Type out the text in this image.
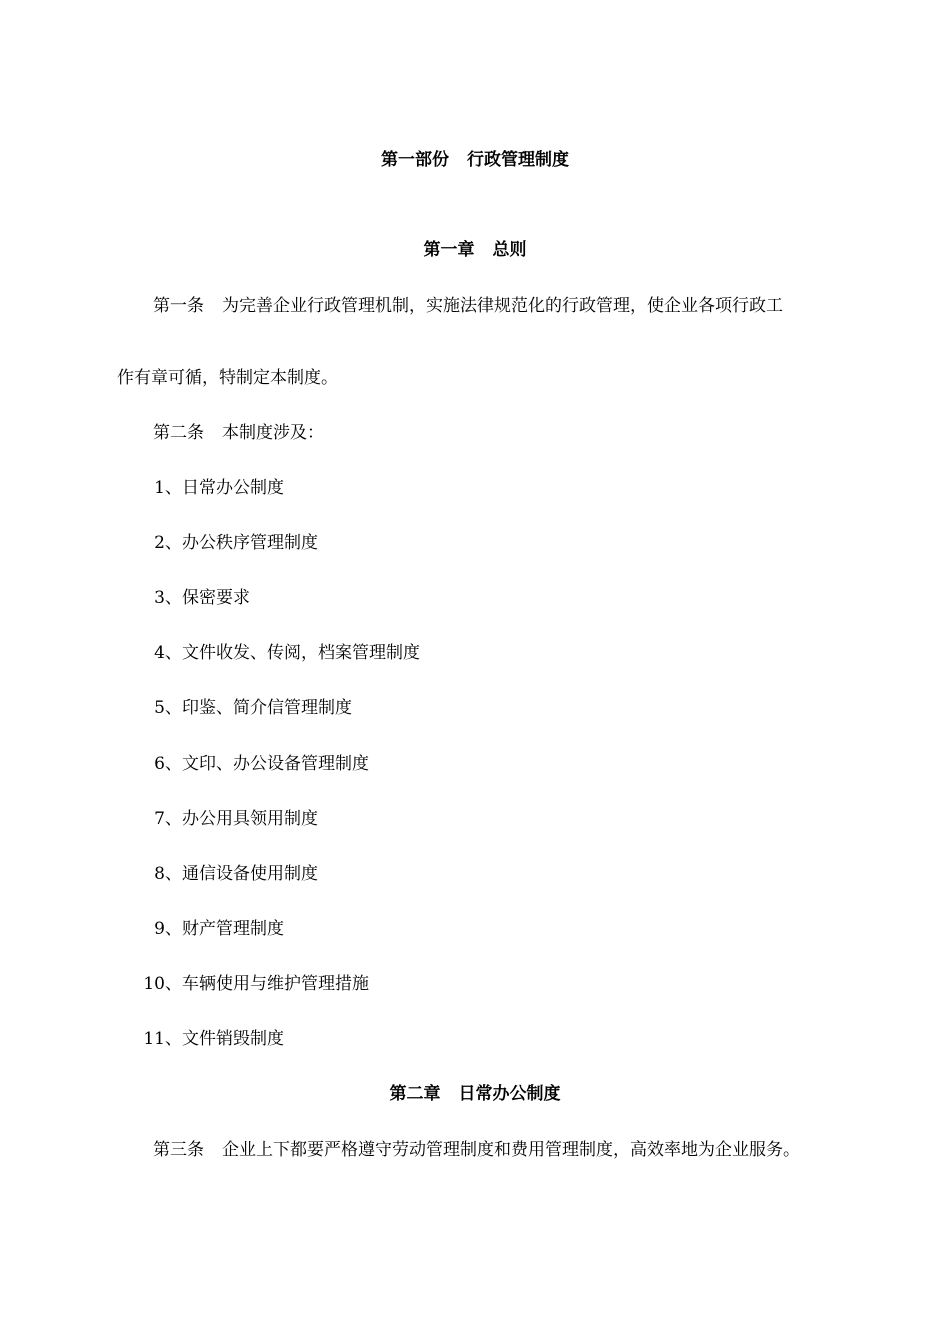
第一部份 行政管理制度
第一章 总则
第一条 为完善企业行政管理机制，实施法律规范化的行政管理，使企业各项行政工
作有章可循，特制定本制度。
第二条 本制度涉及：
1、日常办公制度
2、办公秩序管理制度
3、保密要求
4、文件收发、传阅，档案管理制度
5、印鉴、简介信管理制度
6、文印、办公设备管理制度
7、办公用具领用制度
8、通信设备使用制度
9、财产管理制度
10、车辆使用与维护管理措施
11、文件销毁制度
第二章 日常办公制度
第三条 企业上下都要严格遵守劳动管理制度和费用管理制度，高效率地为企业服务。
